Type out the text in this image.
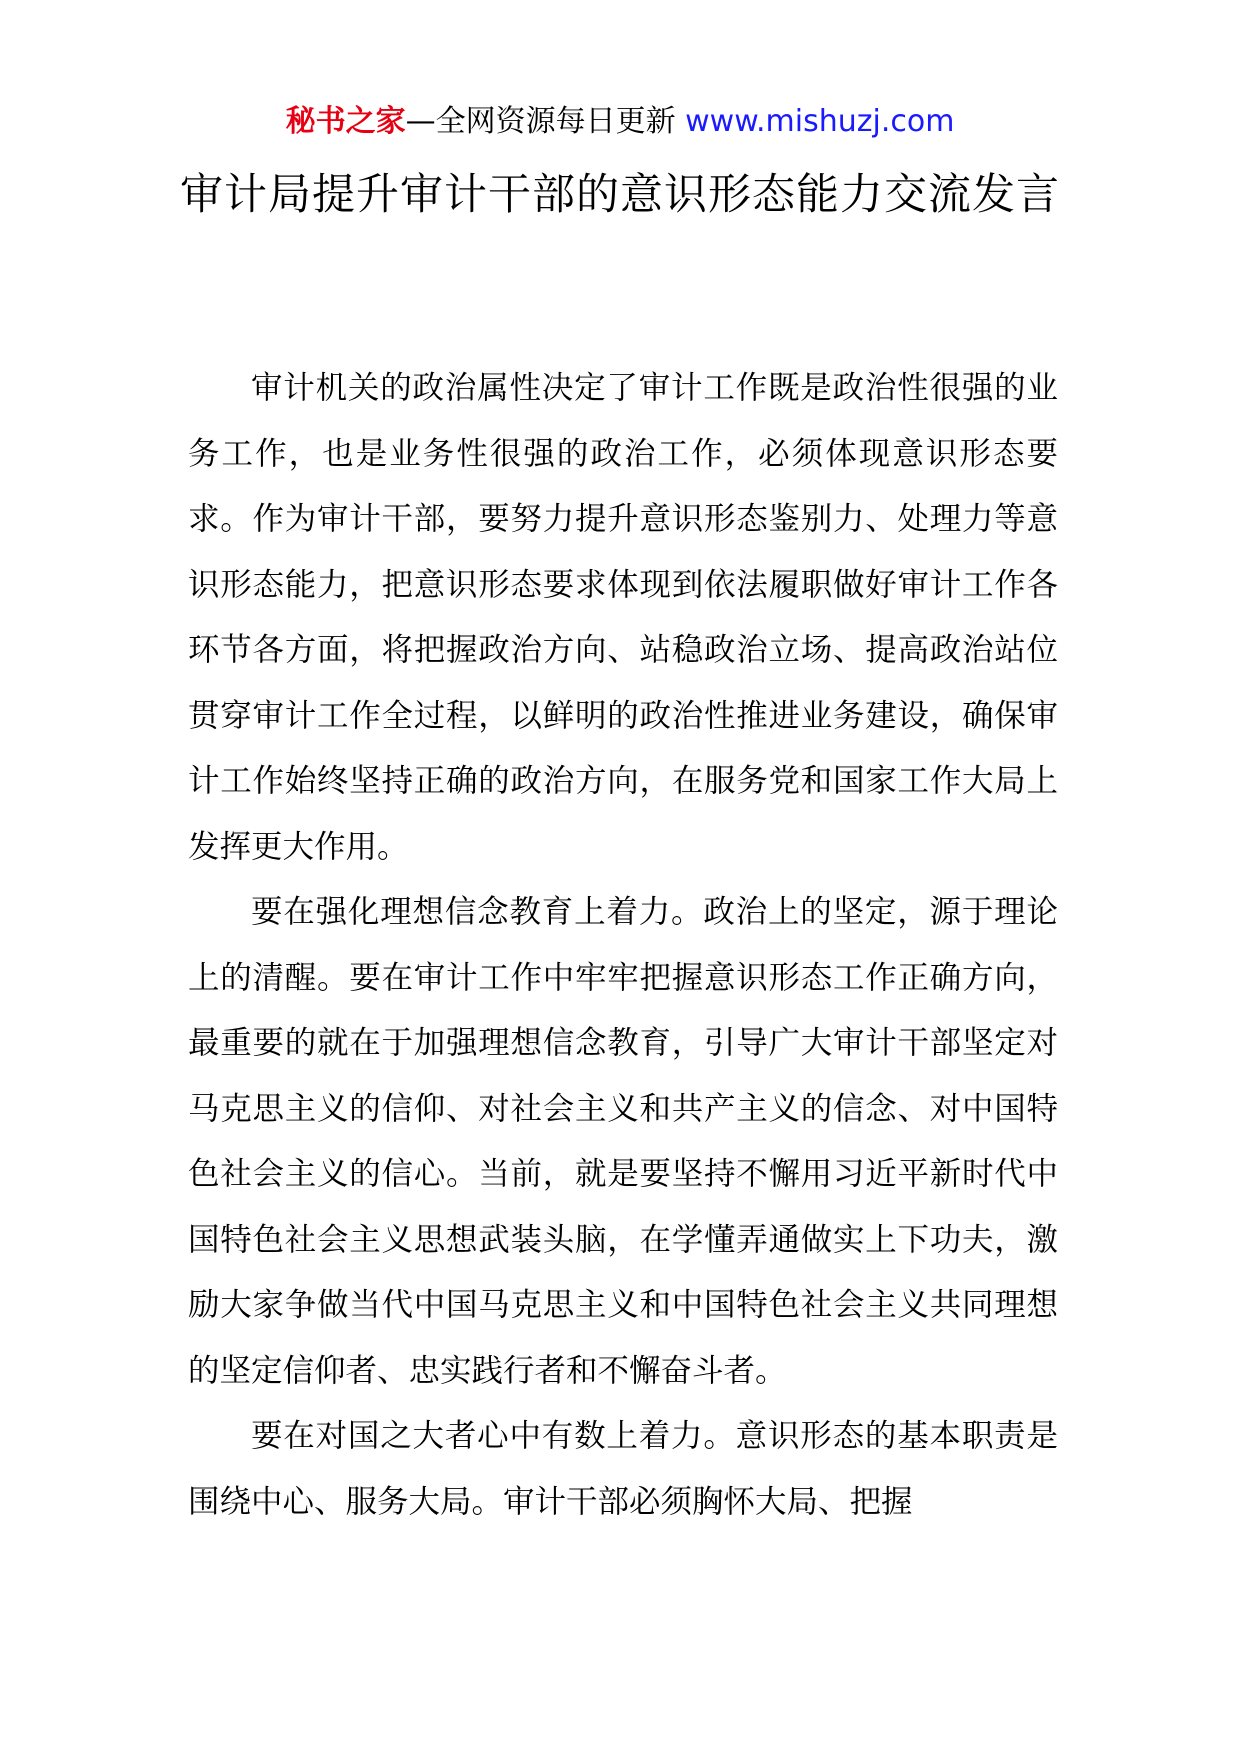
秘书之家—全网资源每日更新 www.mishuzj.com
审计局提升审计干部的意识形态能力交流发言

审计机关的政治属性决定了审计工作既是政治性很强的业务工作，也是业务性很强的政治工作，必须体现意识形态要求。作为审计干部，要努力提升意识形态鉴别力、处理力等意识形态能力，把意识形态要求体现到依法履职做好审计工作各环节各方面，将把握政治方向、站稳政治立场、提高政治站位贯穿审计工作全过程，以鲜明的政治性推进业务建设，确保审计工作始终坚持正确的政治方向，在服务党和国家工作大局上发挥更大作用。

要在强化理想信念教育上着力。政治上的坚定，源于理论上的清醒。要在审计工作中牢牢把握意识形态工作正确方向，最重要的就在于加强理想信念教育，引导广大审计干部坚定对马克思主义的信仰、对社会主义和共产主义的信念、对中国特色社会主义的信心。当前，就是要坚持不懈用习近平新时代中国特色社会主义思想武装头脑，在学懂弄通做实上下功夫，激励大家争做当代中国马克思主义和中国特色社会主义共同理想的坚定信仰者、忠实践行者和不懈奋斗者。

要在对国之大者心中有数上着力。意识形态的基本职责是围绕中心、服务大局。审计干部必须胸怀大局、把握
